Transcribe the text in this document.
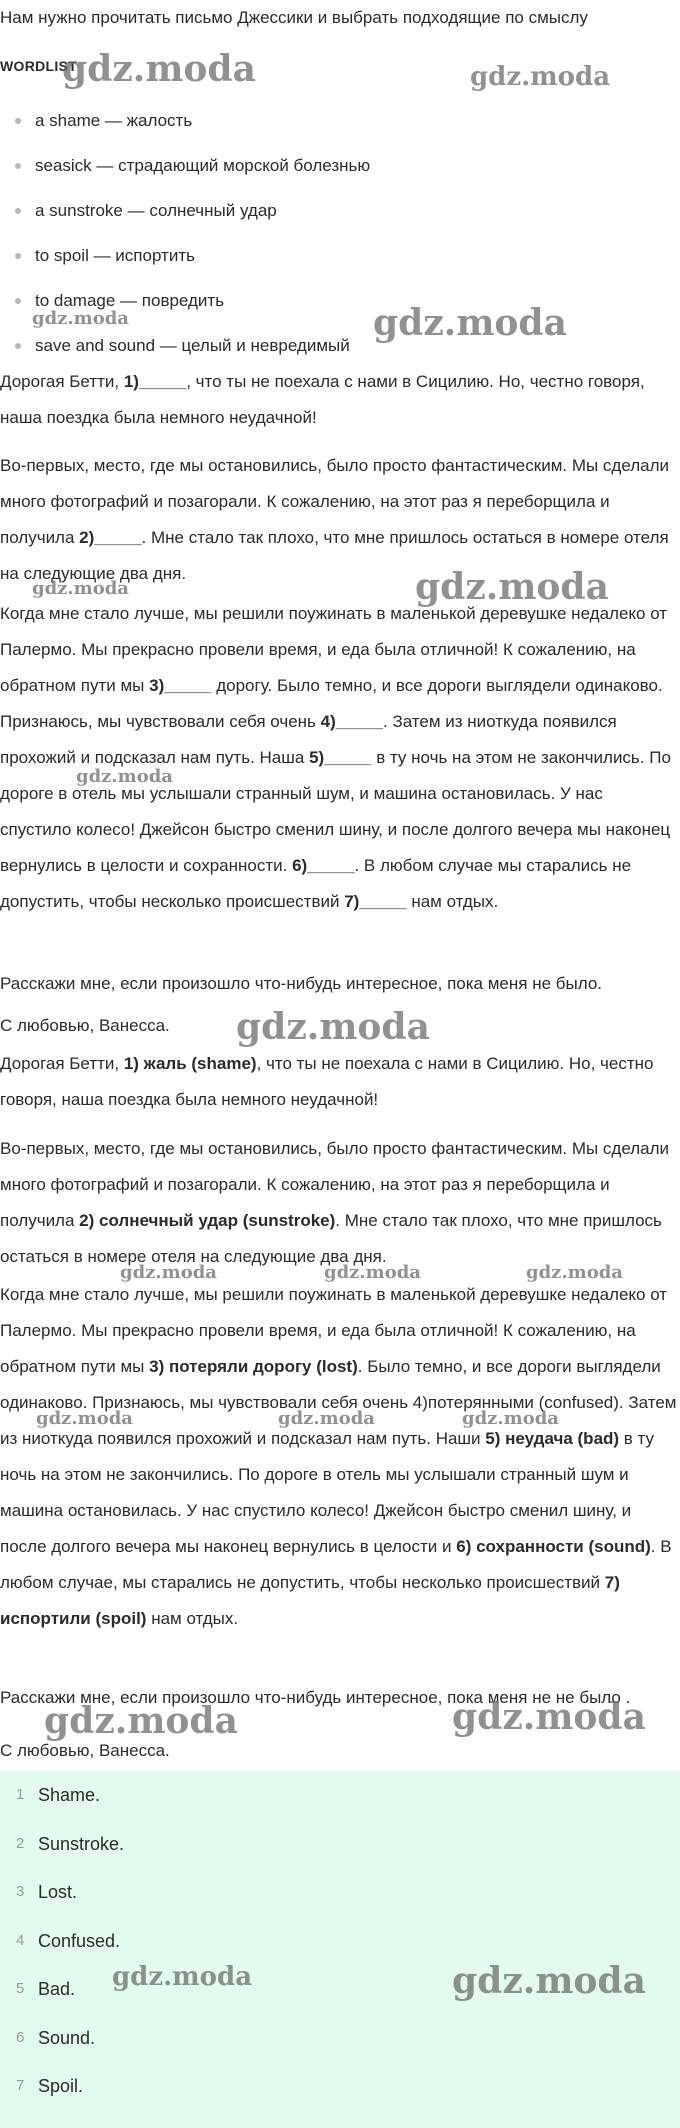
Нам нужно прочитать письмо Джессики и выбрать подходящие по смыслу
WORDLIST
a shame — жалость
seasick — страдающий морской болезнью
a sunstroke — солнечный удар
to spoil — испортить
to damage — повредить
save and sound — целый и невредимый
Дорогая Бетти, 1)_____, что ты не поехала с нами в Сицилию. Но, честно говоря, наша поездка была немного неудачной!
Во-первых, место, где мы остановились, было просто фантастическим. Мы сделали много фотографий и позагорали. К сожалению, на этот раз я переборщила и получила 2)_____. Мне стало так плохо, что мне пришлось остаться в номере отеля на следующие два дня.
Когда мне стало лучше, мы решили поужинать в маленькой деревушке недалеко от Палермо. Мы прекрасно провели время, и еда была отличной! К сожалению, на обратном пути мы 3)_____ дорогу. Было темно, и все дороги выглядели одинаково. Признаюсь, мы чувствовали себя очень 4)_____. Затем из ниоткуда появился прохожий и подсказал нам путь. Наша 5)_____ в ту ночь на этом не закончились. По дороге в отель мы услышали странный шум, и машина остановилась. У нас спустило колесо! Джейсон быстро сменил шину, и после долгого вечера мы наконец вернулись в целости и сохранности. 6)_____. В любом случае мы старались не допустить, чтобы несколько происшествий 7)_____ нам отдых.
Расскажи мне, если произошло что-нибудь интересное, пока меня не было.
С любовью, Ванесса.
Дорогая Бетти, 1) жаль (shame), что ты не поехала с нами в Сицилию. Но, честно говоря, наша поездка была немного неудачной!
Во-первых, место, где мы остановились, было просто фантастическим. Мы сделали много фотографий и позагорали. К сожалению, на этот раз я переборщила и получила 2) солнечный удар (sunstroke). Мне стало так плохо, что мне пришлось остаться в номере отеля на следующие два дня.
Когда мне стало лучше, мы решили поужинать в маленькой деревушке недалеко от Палермо. Мы прекрасно провели время, и еда была отличной! К сожалению, на обратном пути мы 3) потеряли дорогу (lost). Было темно, и все дороги выглядели одинаково. Признаюсь, мы чувствовали себя очень 4)потерянными (confused). Затем из ниоткуда появился прохожий и подсказал нам путь. Наши 5) неудача (bad) в ту ночь на этом не закончились. По дороге в отель мы услышали странный шум и машина остановилась. У нас спустило колесо! Джейсон быстро сменил шину, и после долгого вечера мы наконец вернулись в целости и 6) сохранности (sound). В любом случае, мы старались не допустить, чтобы несколько происшествий 7) испортили (spoil) нам отдых.
Расскажи мне, если произошло что-нибудь интересное, пока меня не не было .
С любовью, Ванесса.
1 Shame.
2 Sunstroke.
3 Lost.
4 Confused.
5 Bad.
6 Sound.
7 Spoil.
gdz.moda	gdz.moda
gdz.moda	gdz.moda
gdz.moda	gdz.moda
gdz.moda
gdz.moda
gdz.moda	gdz.moda	gdz.moda
gdz.moda	gdz.moda	gdz.moda
gdz.moda	gdz.moda
gdz.moda	gdz.moda
